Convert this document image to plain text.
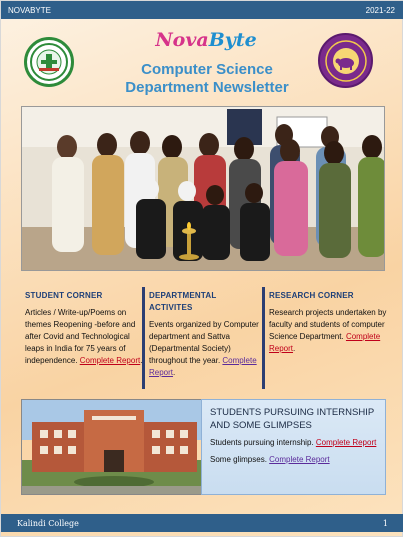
NOVABYTE	2021-22
NovaByte
Computer Science
Department Newsletter
STUDENT CORNER
Articles / Write-up/Poems on themes Reopening -before and after Covid and Technological leaps in India for 75 years of independence. Complete Report.
DEPARTMENTAL ACTIVITES
Events organized by Computer department and Sattva (Departmental Society) throughout the year. Complete Report.
RESEARCH CORNER
Research projects undertaken by faculty and students of computer Science Department. Complete Report.
STUDENTS PURSUING INTERNSHIP AND SOME GLIMPSES
Students pursuing internship. Complete Report
Some glimpses. Complete Report
Kalindi College	1
